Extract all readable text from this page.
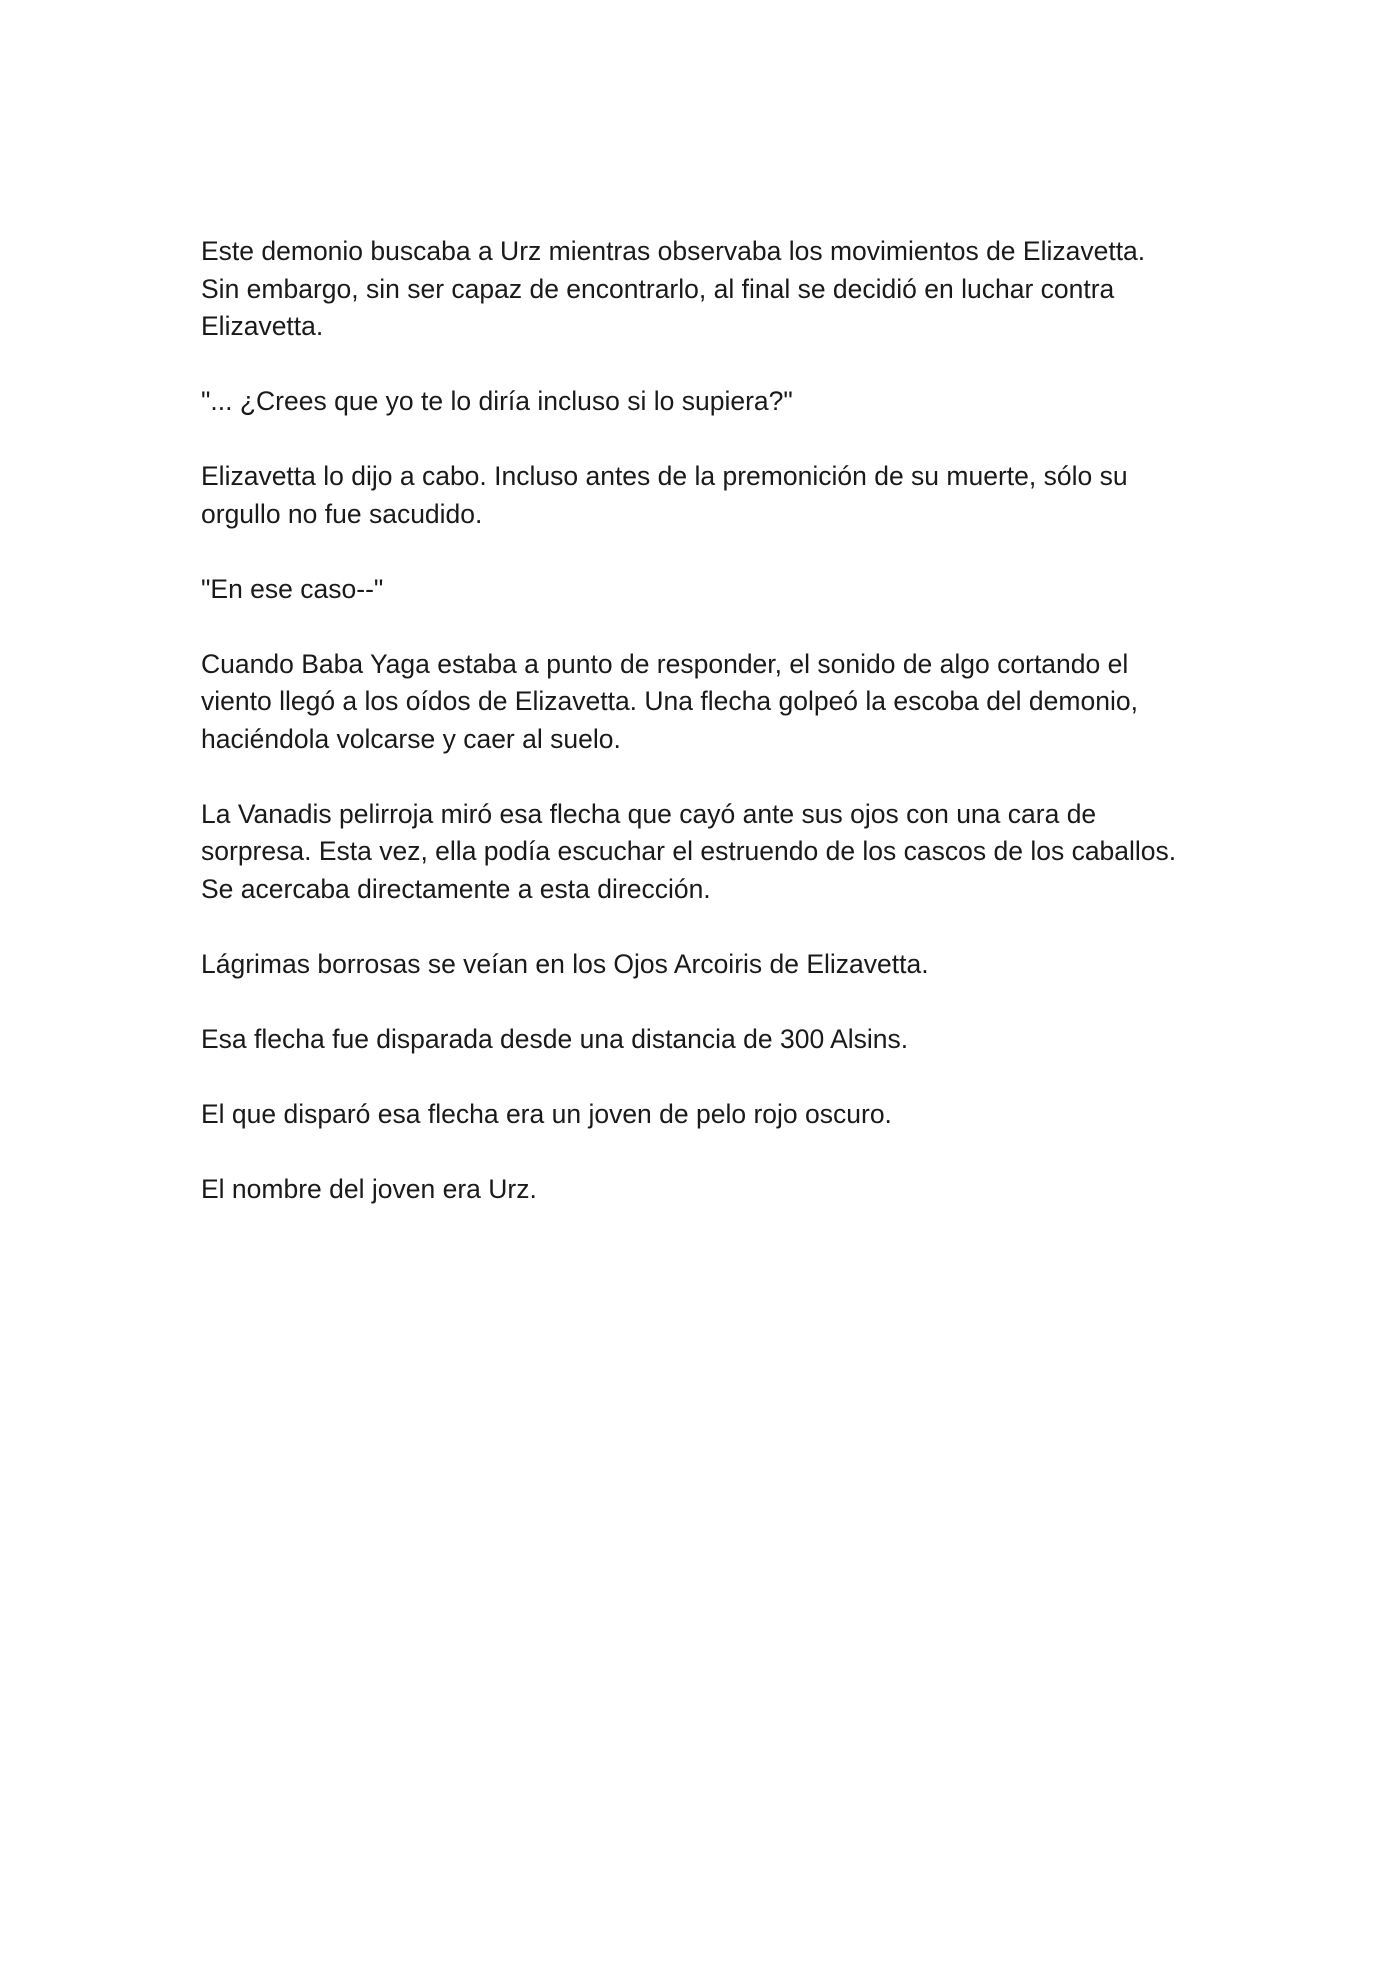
Este demonio buscaba a Urz mientras observaba los movimientos de Elizavetta.
Sin embargo, sin ser capaz de encontrarlo, al final se decidió en luchar contra
Elizavetta.

"... ¿Crees que yo te lo diría incluso si lo supiera?"

Elizavetta lo dijo a cabo. Incluso antes de la premonición de su muerte, sólo su
orgullo no fue sacudido.

"En ese caso--"

Cuando Baba Yaga estaba a punto de responder, el sonido de algo cortando el
viento llegó a los oídos de Elizavetta. Una flecha golpeó la escoba del demonio,
haciéndola volcarse y caer al suelo.

La Vanadis pelirroja miró esa flecha que cayó ante sus ojos con una cara de
sorpresa. Esta vez, ella podía escuchar el estruendo de los cascos de los caballos.
Se acercaba directamente a esta dirección.

Lágrimas borrosas se veían en los Ojos Arcoiris de Elizavetta.

Esa flecha fue disparada desde una distancia de 300 Alsins.

El que disparó esa flecha era un joven de pelo rojo oscuro.

El nombre del joven era Urz.
